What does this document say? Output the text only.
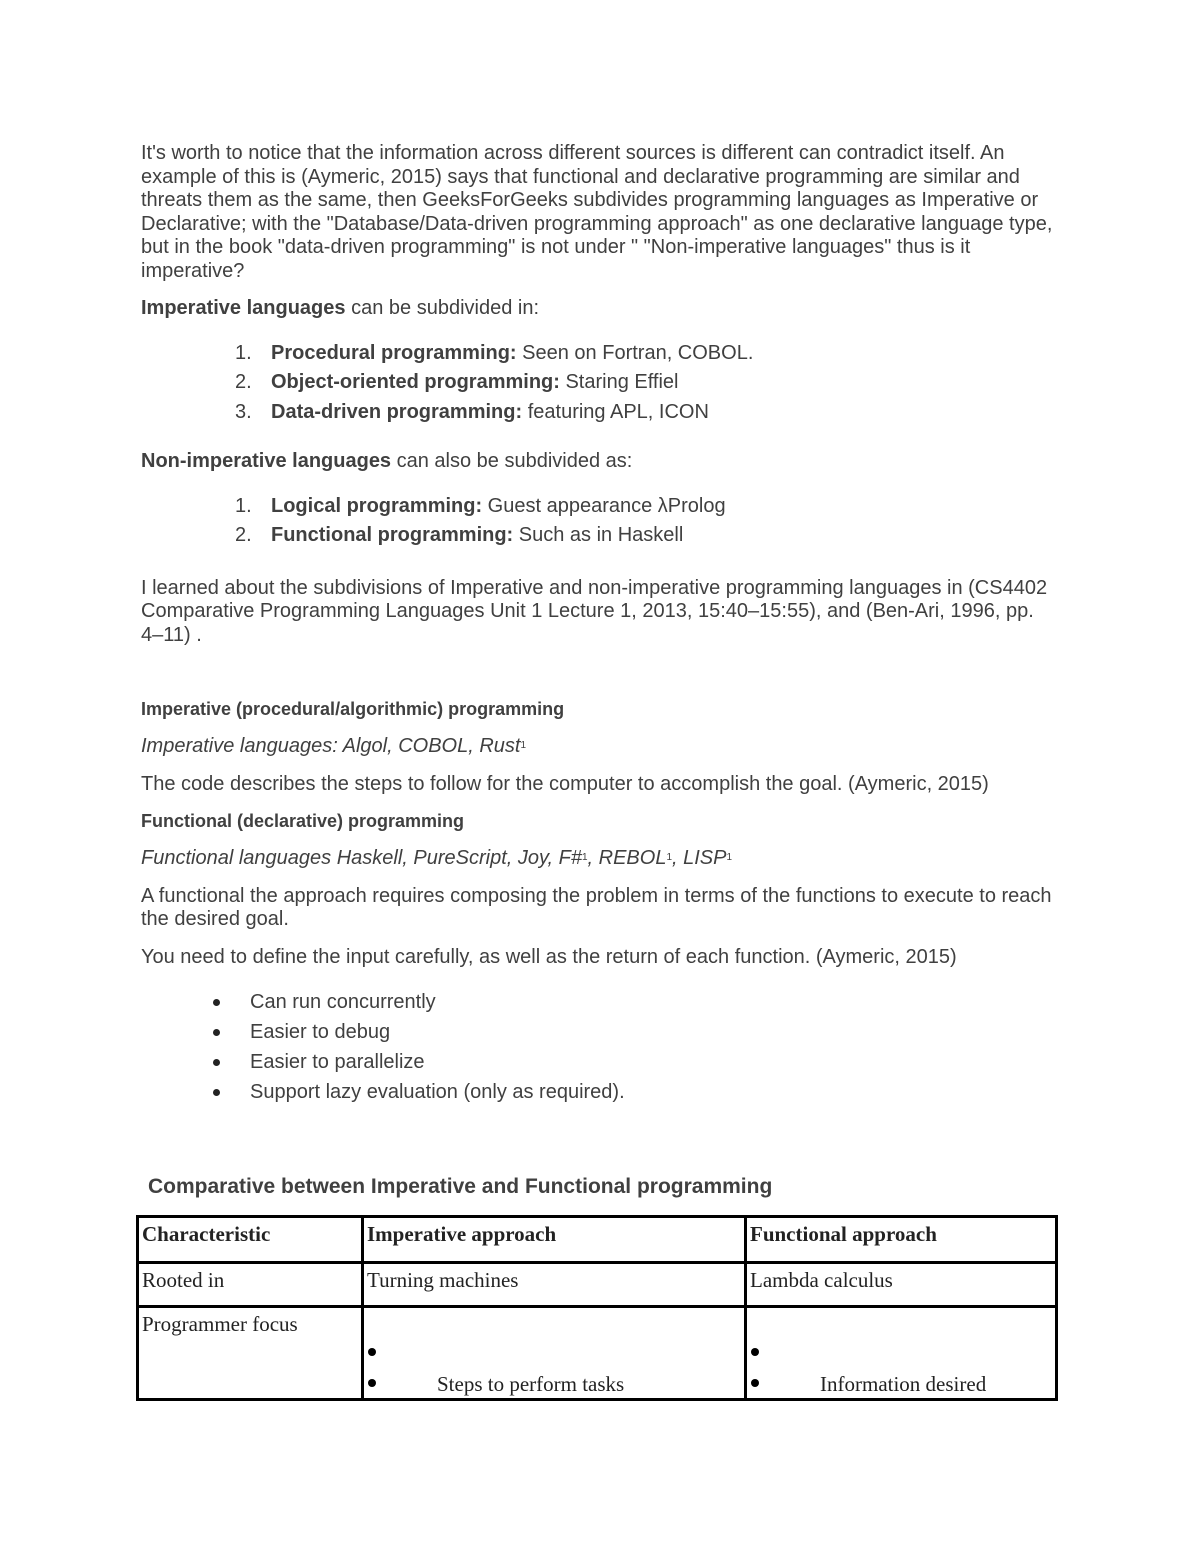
It's worth to notice that the information across different sources is different can contradict itself. An example of this is (Aymeric, 2015) says that functional and declarative programming are similar and threats them as the same, then GeeksForGeeks subdivides programming languages as Imperative or Declarative; with the "Database/Data-driven programming approach" as one declarative language type, but in the book "data-driven programming" is not under " "Non-imperative languages" thus is it imperative?

Imperative languages can be subdivided in:

1. Procedural programming: Seen on Fortran, COBOL.
2. Object-oriented programming: Staring Effiel
3. Data-driven programming: featuring APL, ICON

Non-imperative languages can also be subdivided as:

1. Logical programming: Guest appearance λProlog
2. Functional programming: Such as in Haskell

I learned about the subdivisions of Imperative and non-imperative programming languages in (CS4402 Comparative Programming Languages Unit 1 Lecture 1, 2013, 15:40–15:55), and (Ben-Ari, 1996, pp. 4–11) .

Imperative (procedural/algorithmic) programming

Imperative languages: Algol, COBOL, Rust$^1$

The code describes the steps to follow for the computer to accomplish the goal. (Aymeric, 2015)

Functional (declarative) programming

Functional languages Haskell, PureScript, Joy, F#$^1$, REBOL$^1$, LISP$^1$

A functional the approach requires composing the problem in terms of the functions to execute to reach the desired goal.

You need to define the input carefully, as well as the return of each function. (Aymeric, 2015)

Can run concurrently
Easier to debug
Easier to parallelize
Support lazy evaluation (only as required).
Comparative between Imperative and Functional programming
Characteristic	Imperative approach	Functional approach
Rooted in	Turning machines	Lambda calculus
Programmer focus	Steps to perform tasks	Information desired
